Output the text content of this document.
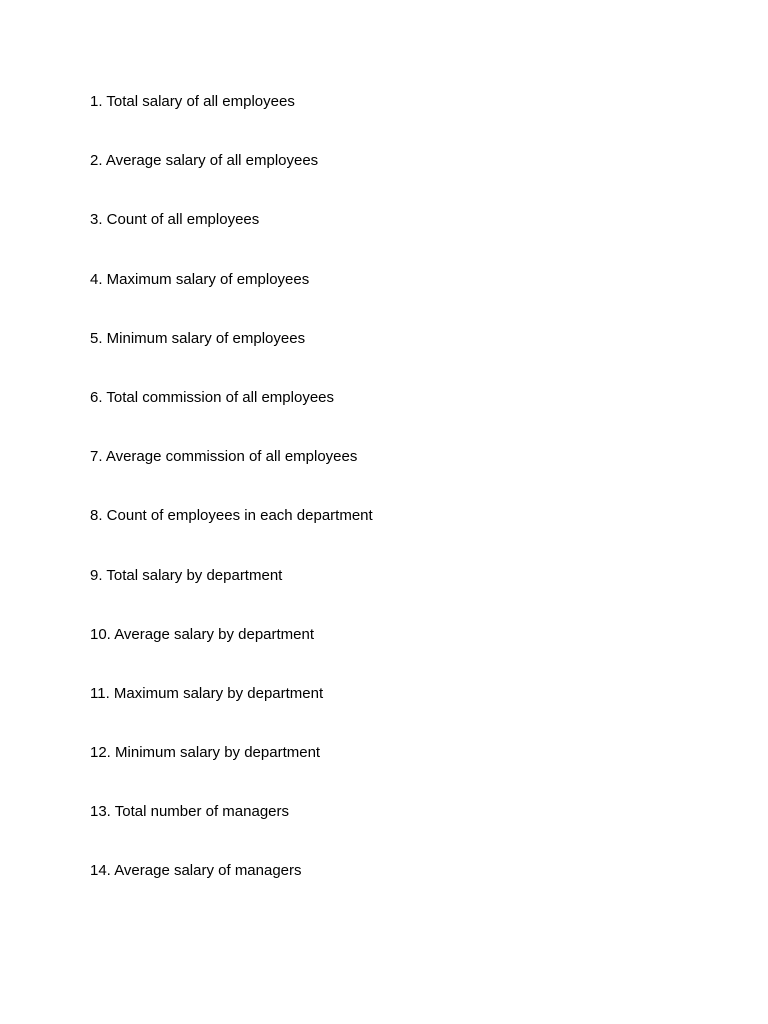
1. Total salary of all employees
2. Average salary of all employees
3. Count of all employees
4. Maximum salary of employees
5. Minimum salary of employees
6. Total commission of all employees
7. Average commission of all employees
8. Count of employees in each department
9. Total salary by department
10. Average salary by department
11. Maximum salary by department
12. Minimum salary by department
13. Total number of managers
14. Average salary of managers
